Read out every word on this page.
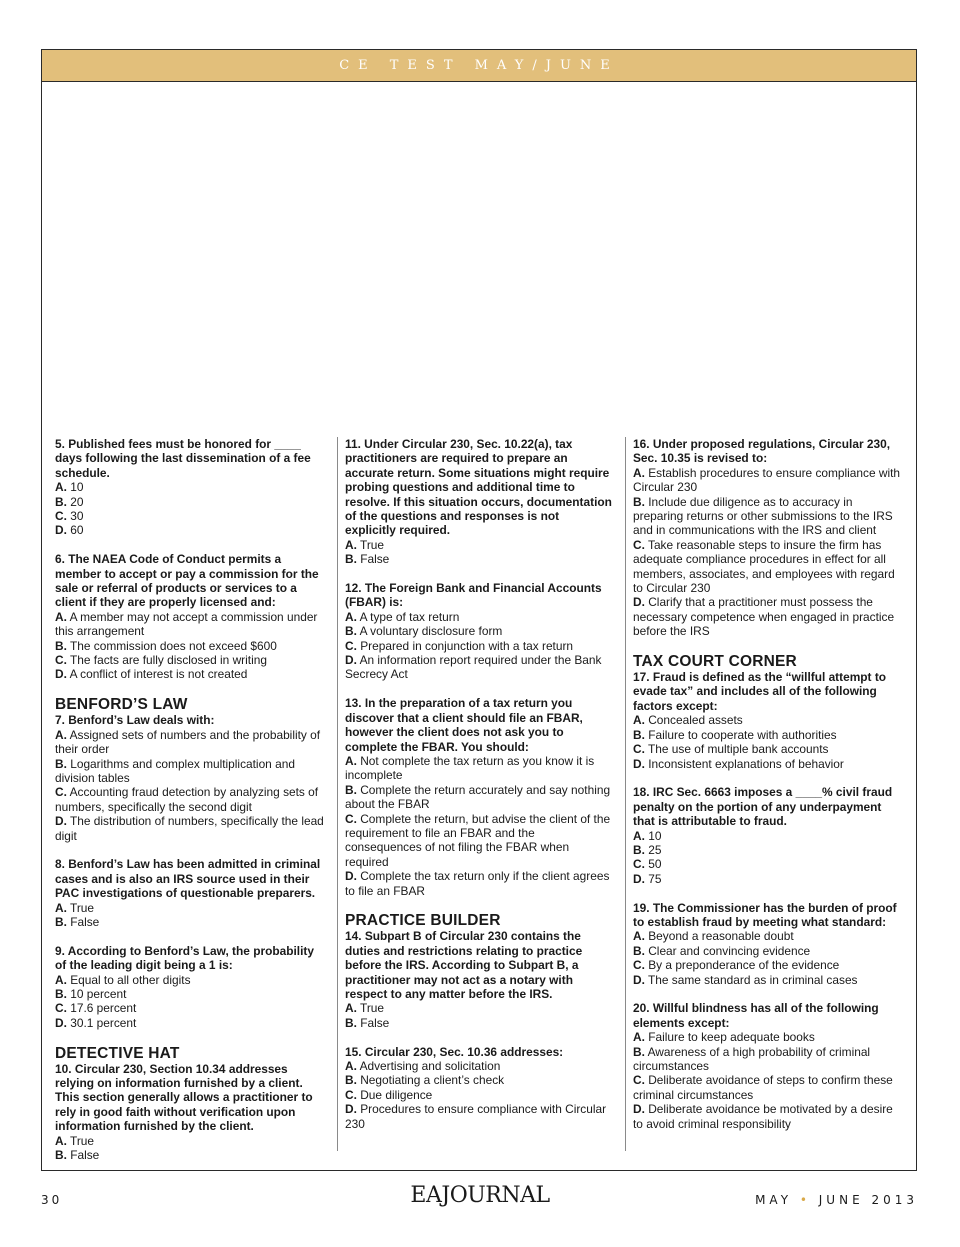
CE TEST MAY/JUNE
5. Published fees must be honored for ____ days following the last dissemination of a fee schedule.
A. 10
B. 20
C. 30
D. 60
6. The NAEA Code of Conduct permits a member to accept or pay a commission for the sale or referral of products or services to a client if they are properly licensed and:
A. A member may not accept a commission under this arrangement
B. The commission does not exceed $600
C. The facts are fully disclosed in writing
D. A conflict of interest is not created
BENFORD’S LAW
7. Benford’s Law deals with:
A. Assigned sets of numbers and the probability of their order
B. Logarithms and complex multiplication and division tables
C. Accounting fraud detection by analyzing sets of numbers, specifically the second digit
D. The distribution of numbers, specifically the lead digit
8. Benford’s Law has been admitted in criminal cases and is also an IRS source used in their PAC investigations of questionable preparers.
A. True
B. False
9. According to Benford’s Law, the probability of the leading digit being a 1 is:
A. Equal to all other digits
B. 10 percent
C. 17.6 percent
D. 30.1 percent
DETECTIVE HAT
10. Circular 230, Section 10.34 addresses relying on information furnished by a client. This section generally allows a practitioner to rely in good faith without verification upon information furnished by the client.
A. True
B. False
11. Under Circular 230, Sec. 10.22(a), tax practitioners are required to prepare an accurate return. Some situations might require probing questions and additional time to resolve. If this situation occurs, documentation of the questions and responses is not explicitly required.
A. True
B. False
12. The Foreign Bank and Financial Accounts (FBAR) is:
A. A type of tax return
B. A voluntary disclosure form
C. Prepared in conjunction with a tax return
D. An information report required under the Bank Secrecy Act
13. In the preparation of a tax return you discover that a client should file an FBAR, however the client does not ask you to complete the FBAR. You should:
A. Not complete the tax return as you know it is incomplete
B. Complete the return accurately and say nothing about the FBAR
C. Complete the return, but advise the client of the requirement to file an FBAR and the consequences of not filing the FBAR when required
D. Complete the tax return only if the client agrees to file an FBAR
PRACTICE BUILDER
14. Subpart B of Circular 230 contains the duties and restrictions relating to practice before the IRS. According to Subpart B, a practitioner may not act as a notary with respect to any matter before the IRS.
A. True
B. False
15. Circular 230, Sec. 10.36 addresses:
A. Advertising and solicitation
B. Negotiating a client’s check
C. Due diligence
D. Procedures to ensure compliance with Circular 230
16. Under proposed regulations, Circular 230, Sec. 10.35 is revised to:
A. Establish procedures to ensure compliance with Circular 230
B. Include due diligence as to accuracy in preparing returns or other submissions to the IRS and in communications with the IRS and client
C. Take reasonable steps to insure the firm has adequate compliance procedures in effect for all members, associates, and employees with regard to Circular 230
D. Clarify that a practitioner must possess the necessary competence when engaged in practice before the IRS
TAX COURT CORNER
17. Fraud is defined as the “willful attempt to evade tax” and includes all of the following factors except:
A. Concealed assets
B. Failure to cooperate with authorities
C. The use of multiple bank accounts
D. Inconsistent explanations of behavior
18. IRC Sec. 6663 imposes a ____% civil fraud penalty on the portion of any underpayment that is attributable to fraud.
A. 10
B. 25
C. 50
D. 75
19. The Commissioner has the burden of proof to establish fraud by meeting what standard:
A. Beyond a reasonable doubt
B. Clear and convincing evidence
C. By a preponderance of the evidence
D. The same standard as in criminal cases
20. Willful blindness has all of the following elements except:
A. Failure to keep adequate books
B. Awareness of a high probability of criminal circumstances
C. Deliberate avoidance of steps to confirm these criminal circumstances
D. Deliberate avoidance be motivated by a desire to avoid criminal responsibility
30	EAJOURNAL	MAY • JUNE 2013
